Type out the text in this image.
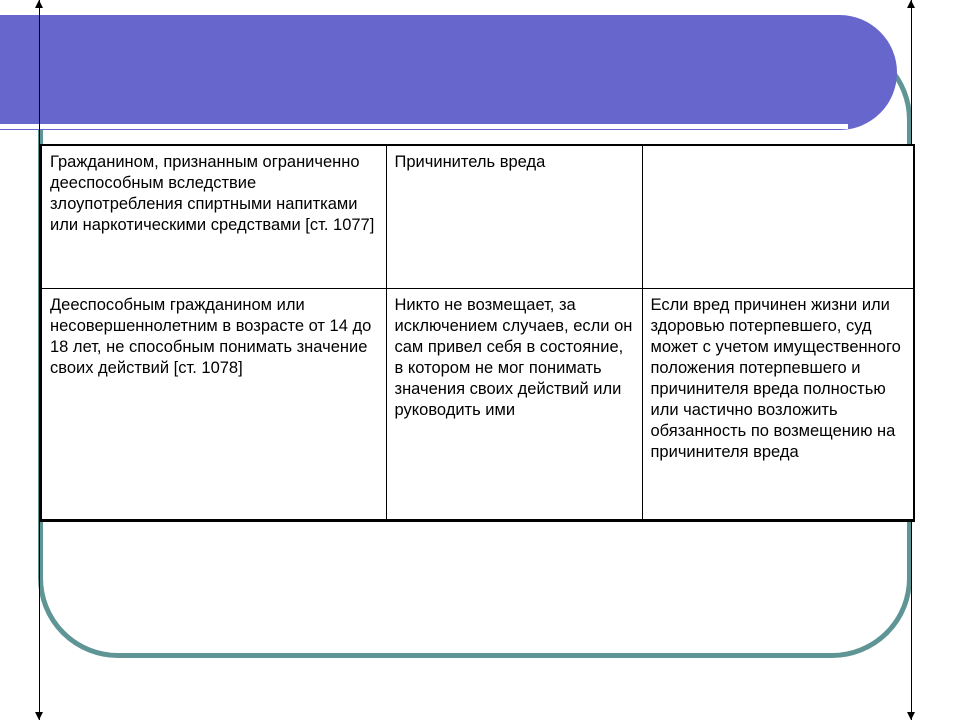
Гражданином, признанным ограниченно дееспособным вследствие злоупотребления спиртными напитками или наркотическими средствами [ст. 1077]	Причинитель вреда	
Дееспособным гражданином или несовершеннолетним в возрасте от 14 до 18 лет, не способным понимать значение своих действий [ст. 1078]	Никто не возмещает, за исключением случаев, если он сам привел себя в состояние, в котором не мог понимать значения своих действий или руководить ими	Если вред причинен жизни или здоровью потерпевшего, суд может с учетом имущественного положения потерпевшего и причинителя вреда полностью или частично возложить обязанность по возмещению на причинителя вреда
